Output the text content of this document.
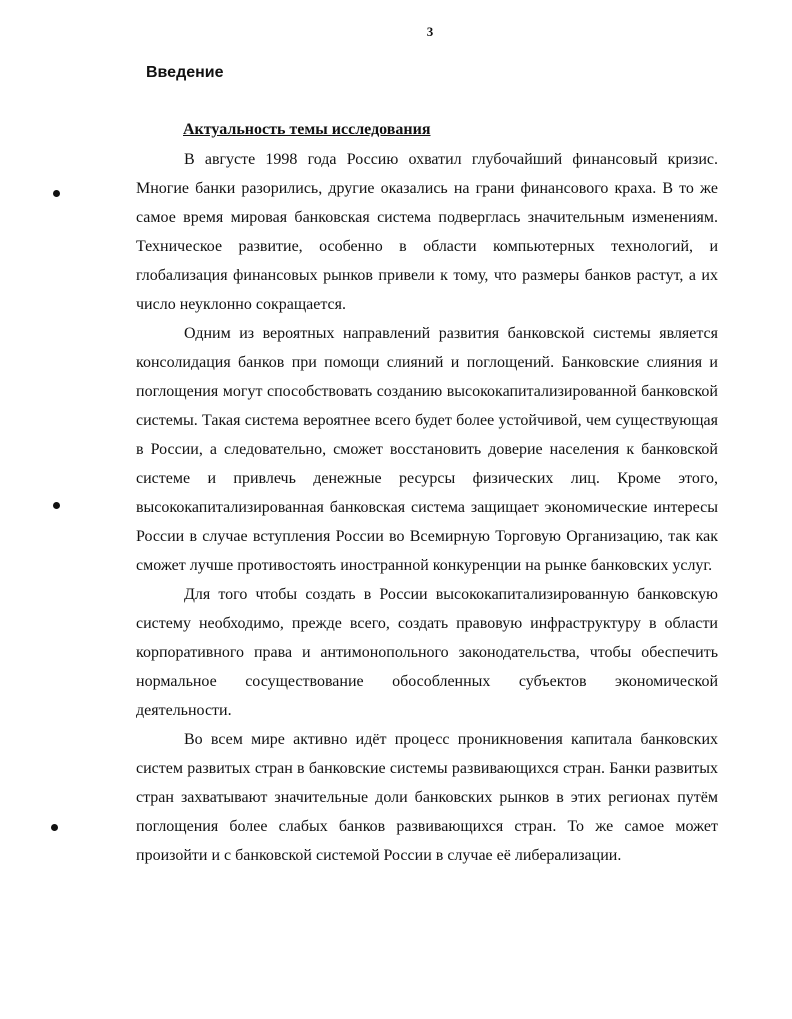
3
Введение
Актуальность темы исследования

В августе 1998 года Россию охватил глубочайший финансовый кризис. Многие банки разорились, другие оказались на грани финансового краха. В то же самое время мировая банковская система подверглась значительным изменениям. Техническое развитие, особенно в области компьютерных технологий, и глобализация финансовых рынков привели к тому, что размеры банков растут, а их число неуклонно сокращается.

Одним из вероятных направлений развития банковской системы является консолидация банков при помощи слияний и поглощений. Банковские слияния и поглощения могут способствовать созданию высококапитализированной банковской системы. Такая система вероятнее всего будет более устойчивой, чем существующая в России, а следовательно, сможет восстановить доверие населения к банковской системе и привлечь денежные ресурсы физических лиц. Кроме этого, высококапитализированная банковская система защищает экономические интересы России в случае вступления России во Всемирную Торговую Организацию, так как сможет лучше противостоять иностранной конкуренции на рынке банковских услуг.

Для того чтобы создать в России высококапитализированную банковскую систему необходимо, прежде всего, создать правовую инфраструктуру в области корпоративного права и антимонопольного законодательства, чтобы обеспечить нормальное сосуществование обособленных субъектов экономической деятельности.

Во всем мире активно идёт процесс проникновения капитала банковских систем развитых стран в банковские системы развивающихся стран. Банки развитых стран захватывают значительные доли банковских рынков в этих регионах путём поглощения более слабых банков развивающихся стран. То же самое может произойти и с банковской системой России в случае её либерализации.
